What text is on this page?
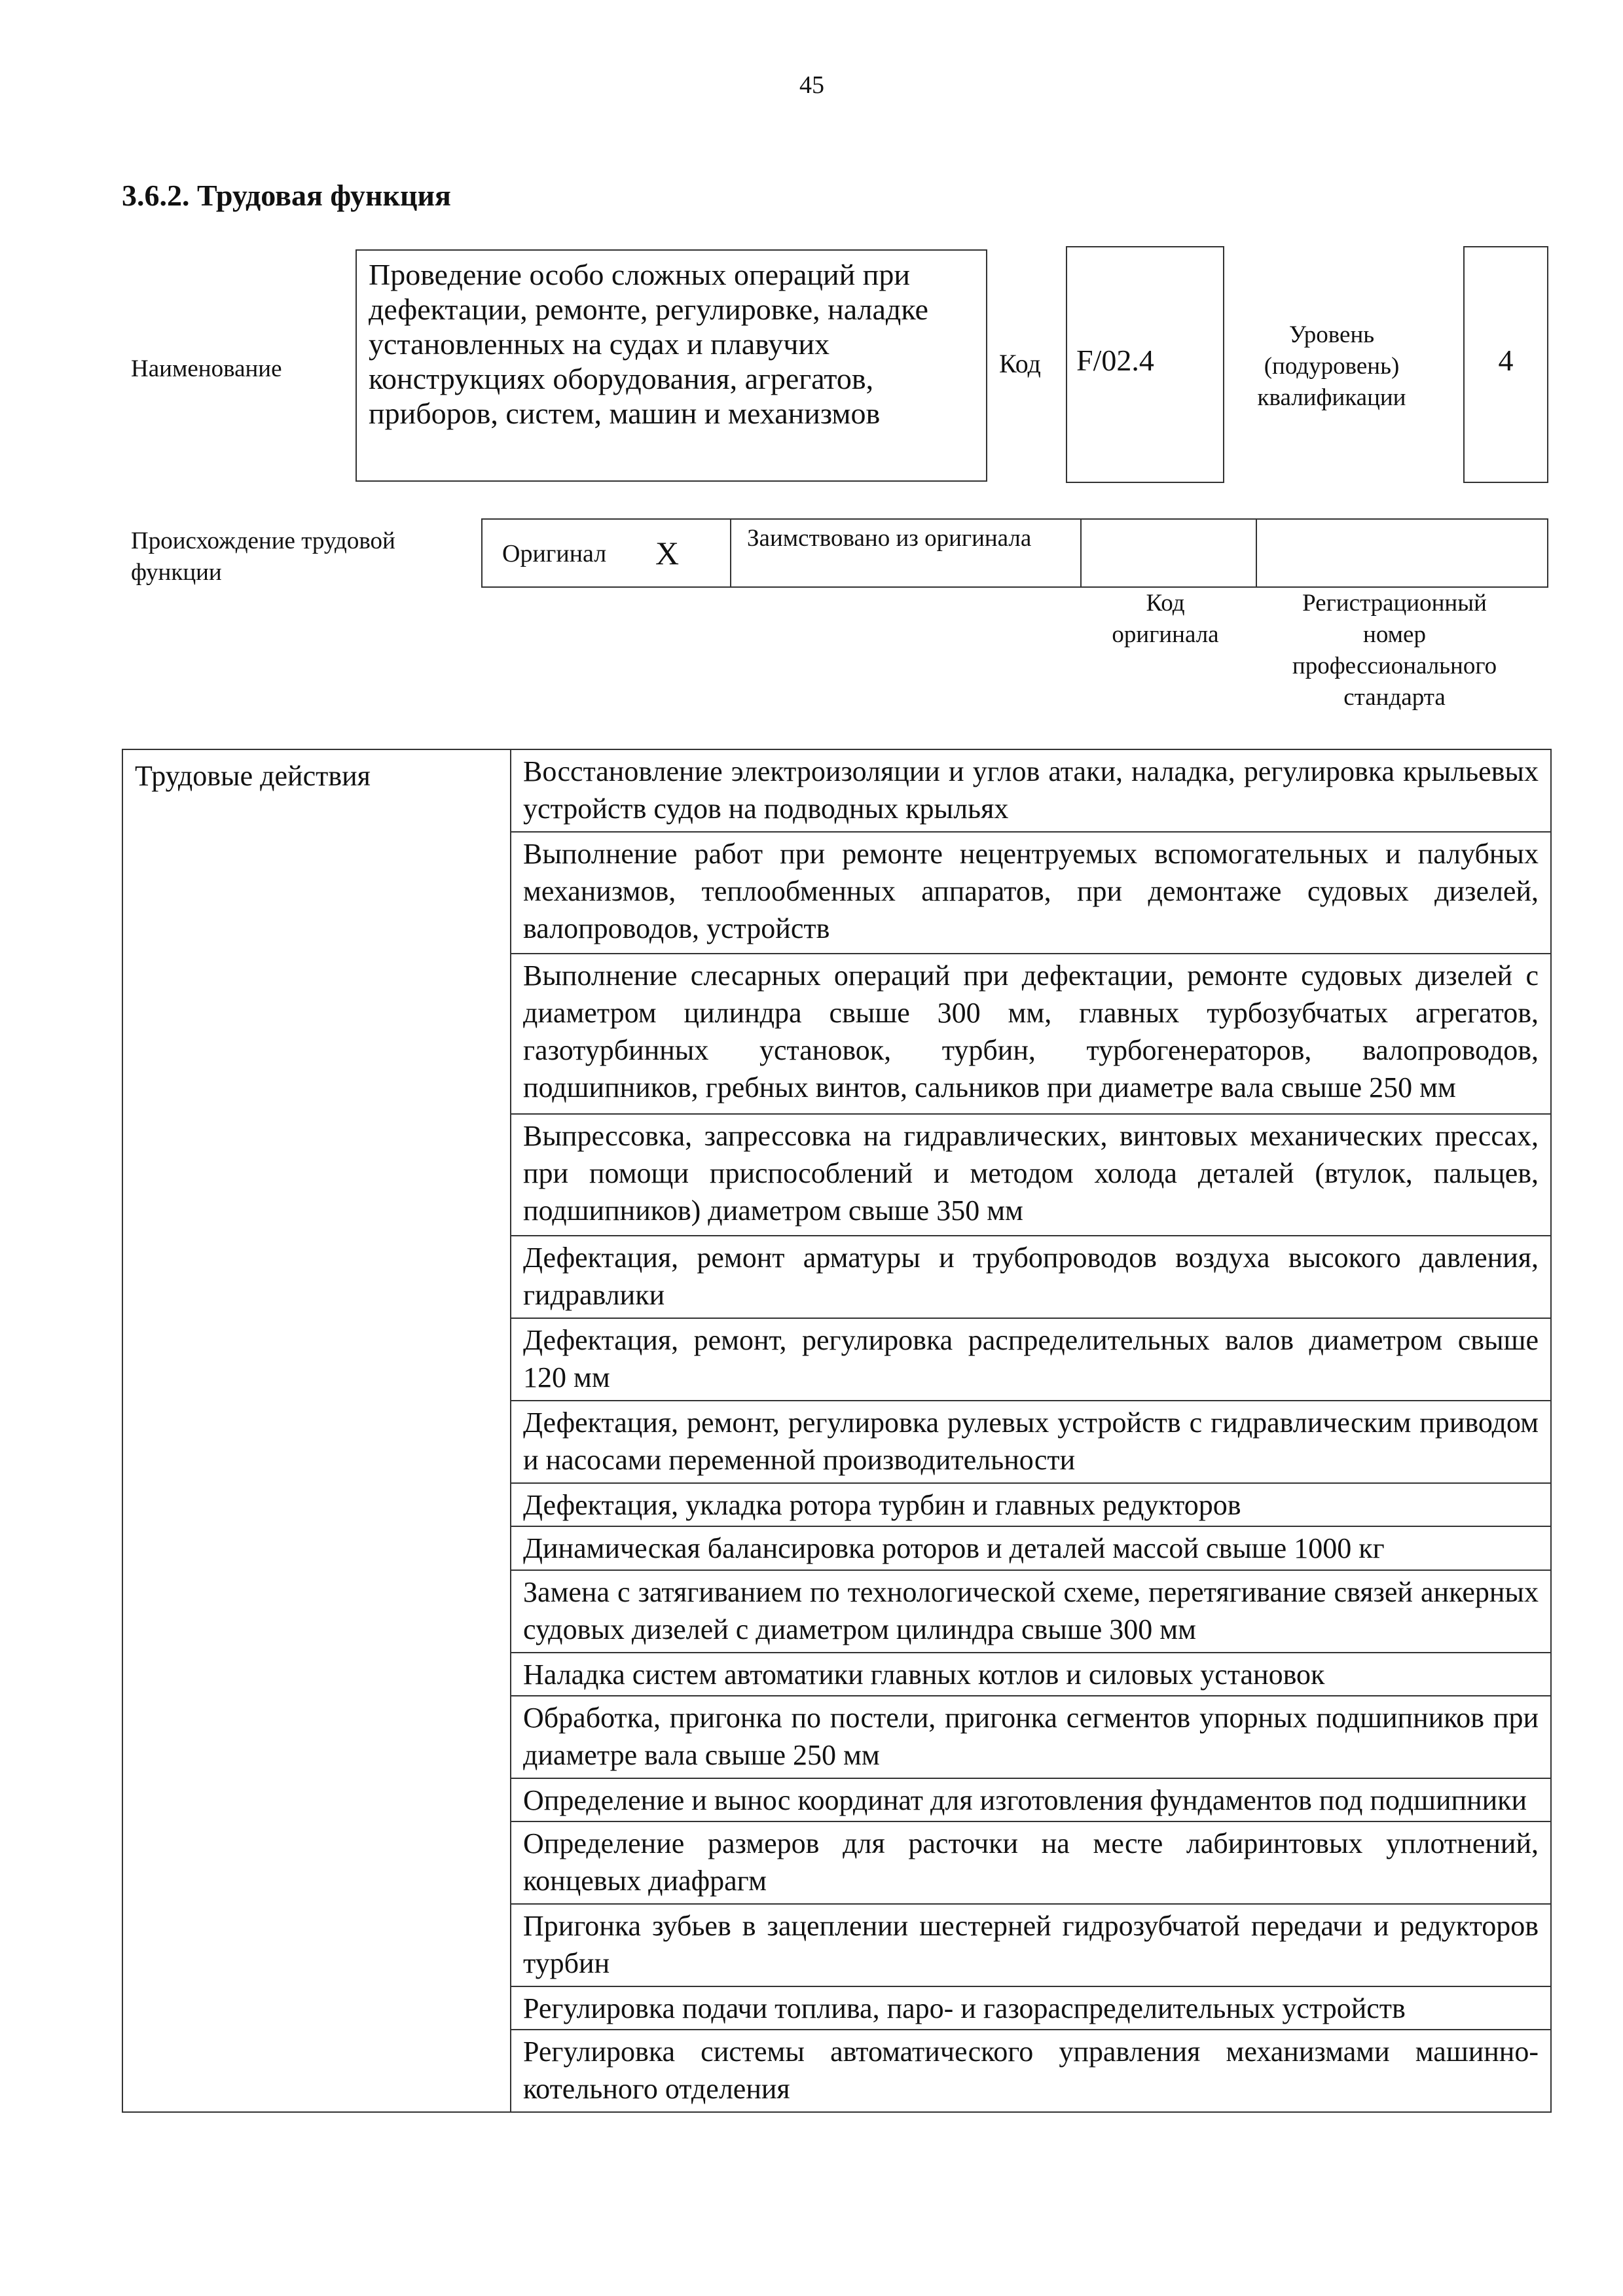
45
3.6.2. Трудовая функция
Наименование
Проведение особо сложных операций при дефектации, ремонте, регулировке, наладке установленных на судах и плавучих конструкциях оборудования, агрегатов, приборов, систем, машин и механизмов
Код	F/02.4
Уровень
(подуровень)
квалификации
4
Происхождение трудовой функции
Оригинал X	Заимствовано из оригинала
Код
оригинала
Регистрационный
номер
профессионального
стандарта
Трудовые действия	Восстановление электроизоляции и углов атаки, наладка, регулировка крыльевых устройств судов на подводных крыльях
Выполнение работ при ремонте нецентруемых вспомогательных и палубных механизмов, теплообменных аппаратов, при демонтаже судовых дизелей, валопроводов, устройств
Выполнение слесарных операций при дефектации, ремонте судовых дизелей с диаметром цилиндра свыше 300 мм, главных турбозубчатых агрегатов, газотурбинных установок, турбин, турбогенераторов, валопроводов, подшипников, гребных винтов, сальников при диаметре вала свыше 250 мм
Выпрессовка, запрессовка на гидравлических, винтовых механических прессах, при помощи приспособлений и методом холода деталей (втулок, пальцев, подшипников) диаметром свыше 350 мм
Дефектация, ремонт арматуры и трубопроводов воздуха высокого давления, гидравлики
Дефектация, ремонт, регулировка распределительных валов диаметром свыше 120 мм
Дефектация, ремонт, регулировка рулевых устройств с гидравлическим приводом и насосами переменной производительности
Дефектация, укладка ротора турбин и главных редукторов
Динамическая балансировка роторов и деталей массой свыше 1000 кг
Замена с затягиванием по технологической схеме, перетягивание связей анкерных судовых дизелей с диаметром цилиндра свыше 300 мм
Наладка систем автоматики главных котлов и силовых установок
Обработка, пригонка по постели, пригонка сегментов упорных подшипников при диаметре вала свыше 250 мм
Определение и вынос координат для изготовления фундаментов под подшипники
Определение размеров для расточки на месте лабиринтовых уплотнений, концевых диафрагм
Пригонка зубьев в зацеплении шестерней гидрозубчатой передачи и редукторов турбин
Регулировка подачи топлива, паро- и газораспределительных устройств
Регулировка системы автоматического управления механизмами машинно-котельного отделения
